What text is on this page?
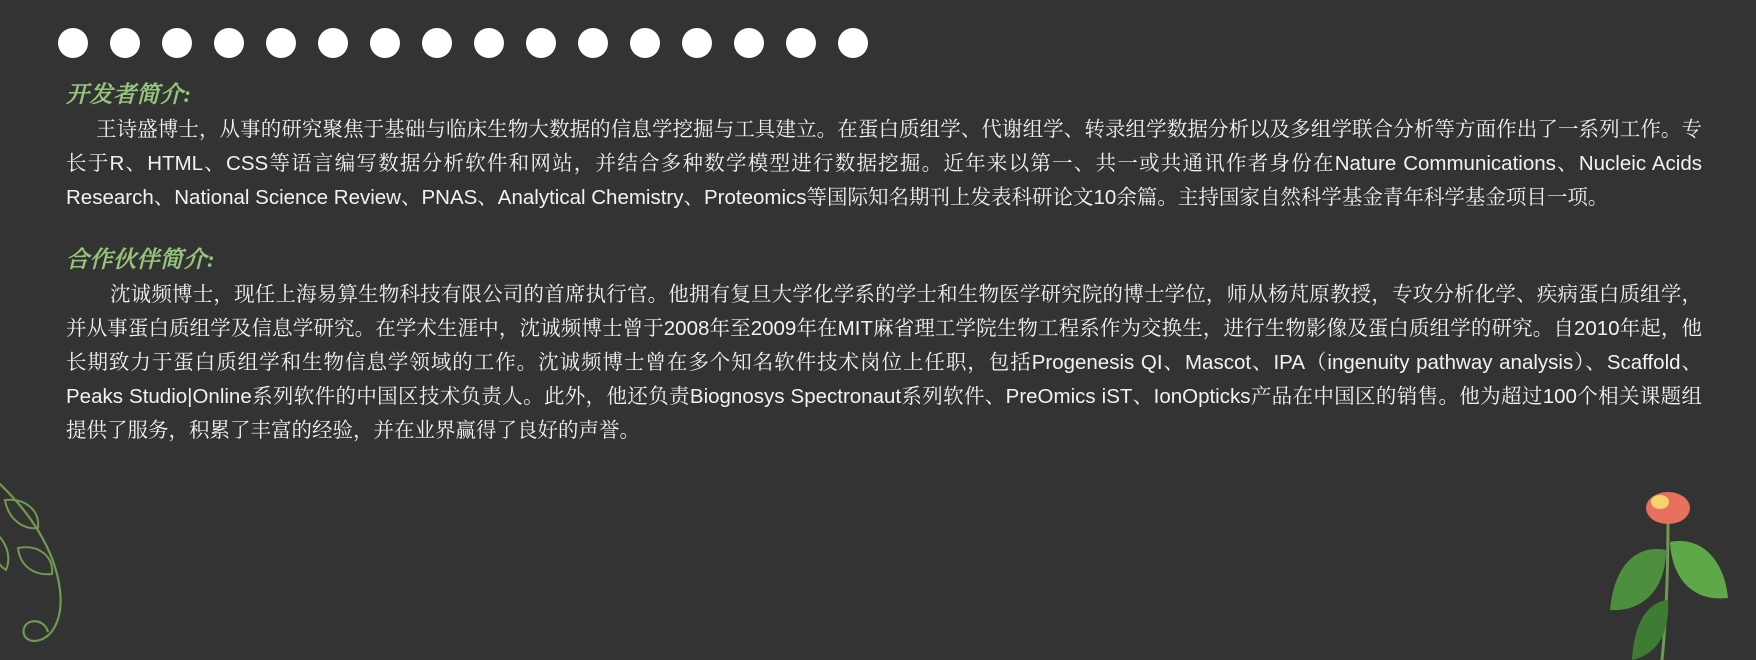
开发者简介:

王诗盛博士，从事的研究聚焦于基础与临床生物大数据的信息学挖掘与工具建立。在蛋白质组学、代谢组学、转录组学数据分析以及多组学联合分析等方面作出了一系列工作。专长于R、HTML、CSS等语言编写数据分析软件和网站，并结合多种数学模型进行数据挖掘。近年来以第一、共一或共通讯作者身份在Nature Communications、Nucleic Acids Research、National Science Review、PNAS、Analytical Chemistry、Proteomics等国际知名期刊上发表科研论文10余篇。主持国家自然科学基金青年科学基金项目一项。

合作伙伴简介:

沈诚频博士，现任上海易算生物科技有限公司的首席执行官。他拥有复旦大学化学系的学士和生物医学研究院的博士学位，师从杨芃原教授，专攻分析化学、疾病蛋白质组学，并从事蛋白质组学及信息学研究。在学术生涯中，沈诚频博士曾于2008年至2009年在MIT麻省理工学院生物工程系作为交换生，进行生物影像及蛋白质组学的研究。自2010年起，他长期致力于蛋白质组学和生物信息学领域的工作。沈诚频博士曾在多个知名软件技术岗位上任职，包括Progenesis QI、Mascot、IPA（ingenuity pathway analysis）、Scaffold、Peaks Studio|Online系列软件的中国区技术负责人。此外，他还负责Biognosys Spectronaut系列软件、PreOmics iST、IonOpticks产品在中国区的销售。他为超过100个相关课题组提供了服务，积累了丰富的经验，并在业界赢得了良好的声誉。
